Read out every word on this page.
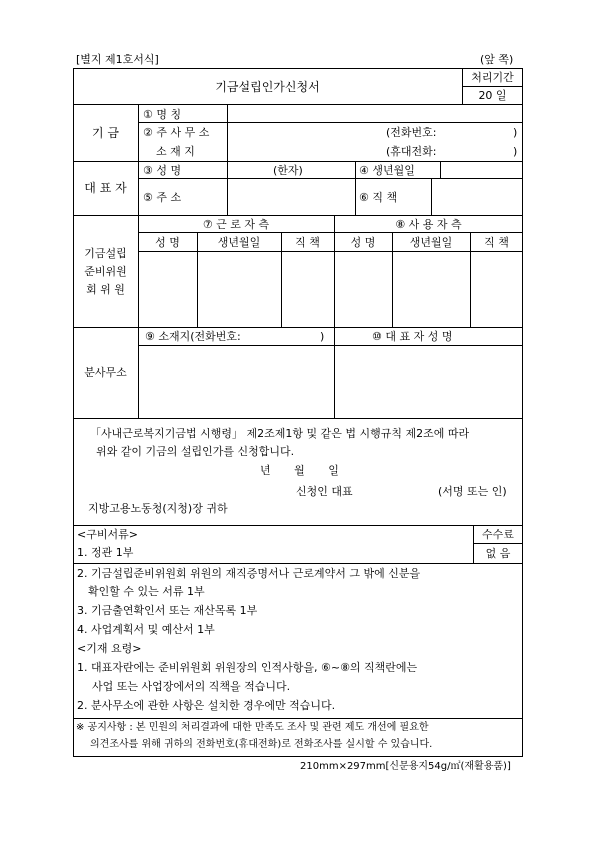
[별지 제1호서식]	(앞 쪽)
기금설립인가신청서
처리기간
20 일
기 금
① 명 칭
② 주 사 무 소
소 재 지
(전화번호:	)
(휴대전화:	)
대 표 자
③ 성 명	(한자)	④ 생년월일
⑤ 주 소	⑥ 직 책
기금설립
준비위원
회 위 원
⑦ 근 로 자 측	⑧ 사 용 자 측
성 명	생년월일	직 책	성 명	생년월일	직 책
분사무소
⑨ 소재지(전화번호:	)	⑩ 대 표 자 성 명
「사내근로복지기금법 시행령」 제2조제1항 및 같은 법 시행규칙 제2조에 따라
위와 같이 기금의 설립인가를 신청합니다.
년 월 일
신청인 대표	(서명 또는 인)
지방고용노동청(지청)장 귀하
<구비서류>	수수료
없 음
1. 정관 1부
2. 기금설립준비위원회 위원의 재직증명서나 근로계약서 그 밖에 신분을
확인할 수 있는 서류 1부
3. 기금출연확인서 또는 재산목록 1부
4. 사업계획서 및 예산서 1부
<기재 요령>
1. 대표자란에는 준비위원회 위원장의 인적사항을, ⑥~⑧의 직책란에는
사업 또는 사업장에서의 직책을 적습니다.
2. 분사무소에 관한 사항은 설치한 경우에만 적습니다.
※ 공지사항 : 본 민원의 처리결과에 대한 만족도 조사 및 관련 제도 개선에 필요한
의견조사를 위해 귀하의 전화번호(휴대전화)로 전화조사를 실시할 수 있습니다.
210mm×297mm[신문용지54g/㎡(재활용품)]
